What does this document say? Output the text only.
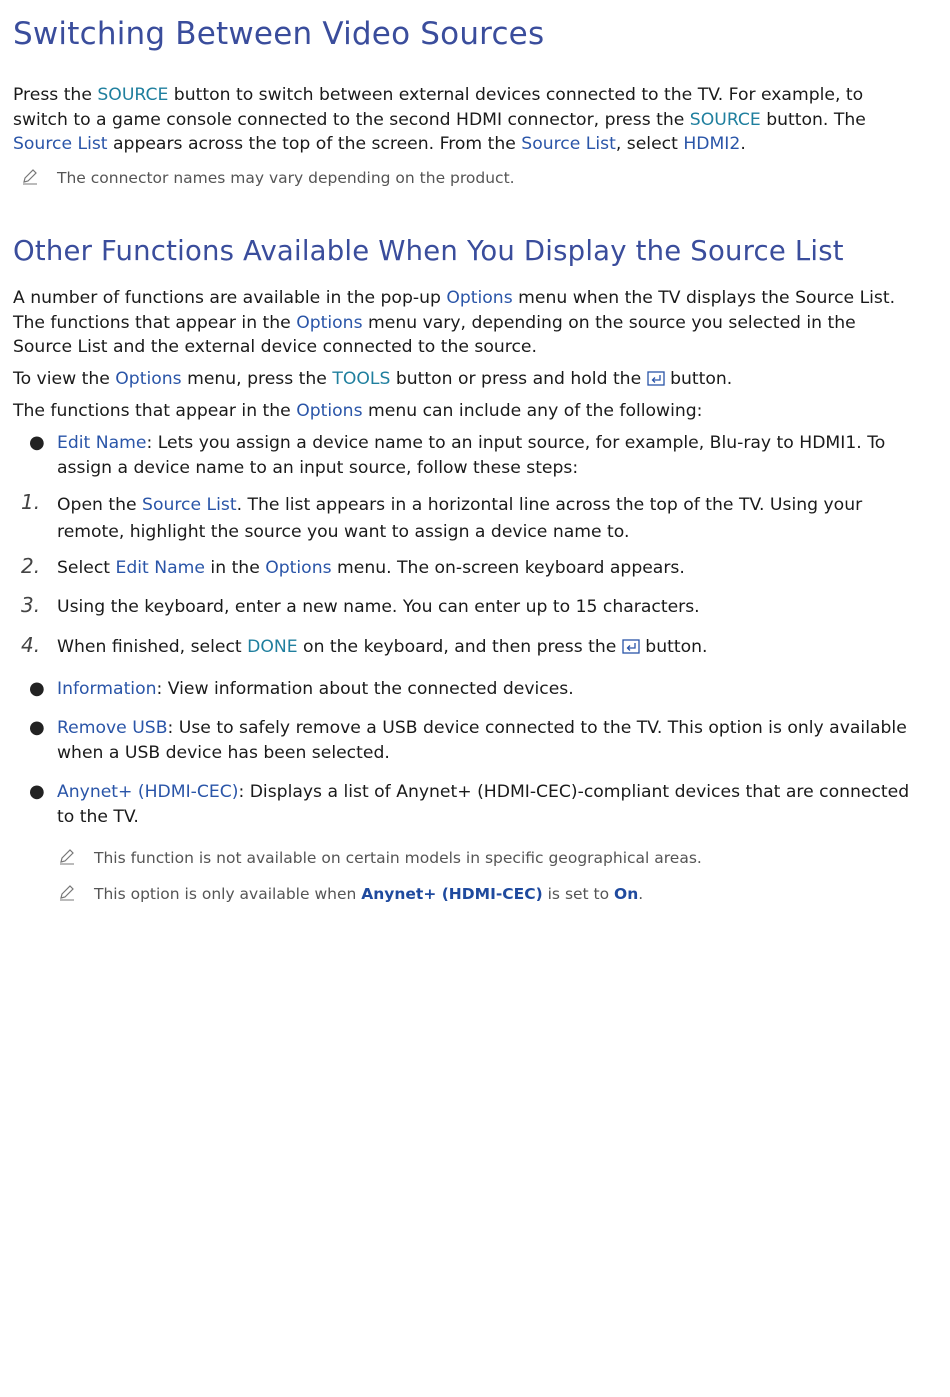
Switching Between Video Sources

Press the SOURCE button to switch between external devices connected to the TV. For example, to switch to a game console connected to the second HDMI connector, press the SOURCE button. The Source List appears across the top of the screen. From the Source List, select HDMI2.

The connector names may vary depending on the product.

Other Functions Available When You Display the Source List

A number of functions are available in the pop-up Options menu when the TV displays the Source List. The functions that appear in the Options menu vary, depending on the source you selected in the Source List and the external device connected to the source.

To view the Options menu, press the TOOLS button or press and hold the  button.

The functions that appear in the Options menu can include any of the following:

● Edit Name: Lets you assign a device name to an input source, for example, Blu-ray to HDMI1. To assign a device name to an input source, follow these steps:

1. Open the Source List. The list appears in a horizontal line across the top of the TV. Using your remote, highlight the source you want to assign a device name to.

2. Select Edit Name in the Options menu. The on-screen keyboard appears.

3. Using the keyboard, enter a new name. You can enter up to 15 characters.

4. When finished, select DONE on the keyboard, and then press the  button.

● Information: View information about the connected devices.

● Remove USB: Use to safely remove a USB device connected to the TV. This option is only available when a USB device has been selected.

● Anynet+ (HDMI-CEC): Displays a list of Anynet+ (HDMI-CEC)-compliant devices that are connected to the TV.

This function is not available on certain models in specific geographical areas.

This option is only available when Anynet+ (HDMI-CEC) is set to On.
